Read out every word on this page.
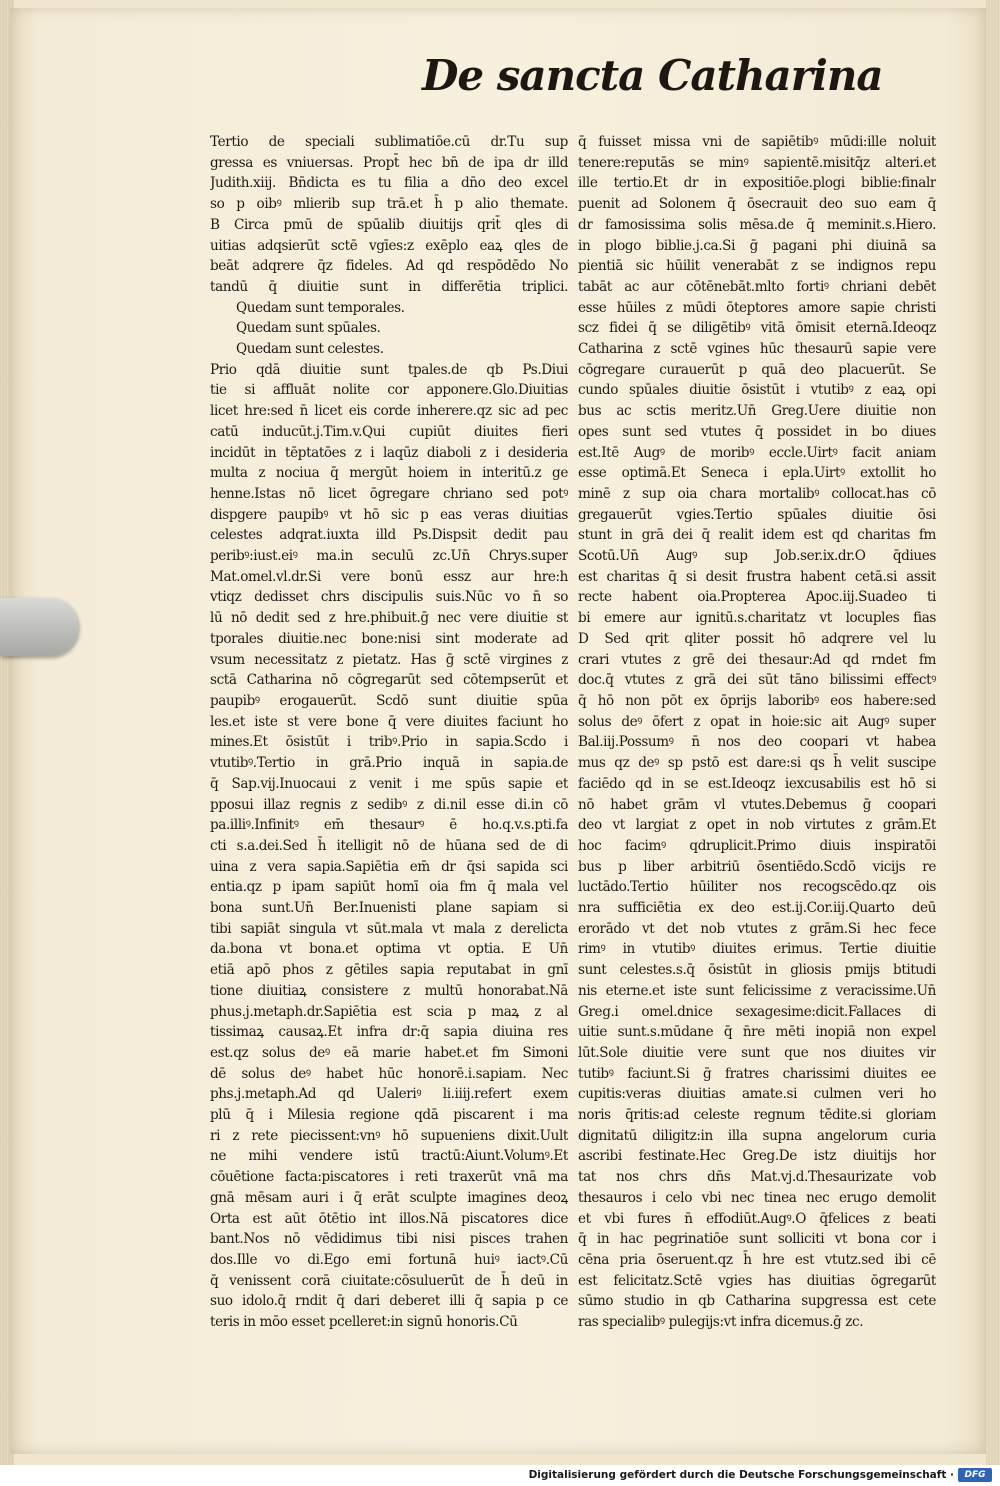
De sancta Catharina
Tertio de speciali sublimatiōe.cū dr.Tu sup
gressa es vniuersas. Propt̄ hec bn̄ de ipa dr illd
Judith.xiij. Bn̄dicta es tu filia a dn̄o deo excel
so p oibꝰ mlierib sup trā.et h̄ p alio themate.
B Circa pmū de spūalib diuitijs qrit̄ qles di
uitias adqsierūt sctē vgīes:z exēplo eaꝝ qles de
beāt adqrere q̄z fideles. Ad qd respōdēdo No
tandū q̄ diuitie sunt in differētia triplici.
Quedam sunt temporales.
Quedam sunt spūales.
Quedam sunt celestes.
Prio qdā diuitie sunt tpales.de qb Ps.Diui
tie si affluāt nolite cor apponere.Glo.Diuitias
licet hre:sed n̄ licet eis corde inherere.qz sic ad pec
catū inducūt.j.Tim.v.Qui cupiūt diuites fieri
incidūt in tēptatōes z i laqūz diaboli z i desideria
multa z nociua q̄ mergūt hoiem in interitū.z ge
henne.Istas nō licet ōgregare chriano sed potꝰ
dispgere paupibꝰ vt hō sic p eas veras diuitias
celestes adqrat.iuxta illd Ps.Dispsit dedit pau
peribꝰ:iust.eiꝰ ma.in seculū zc.Un̄ Chrys.super
Mat.omel.vl.dr.Si vere bonū essz aur hre:h
vtiqz dedisset chrs discipulis suis.Nūc vo n̄ so
lū nō dedit sed z hre.phibuit.ḡ nec vere diuitie st
tporales diuitie.nec bone:nisi sint moderate ad
vsum necessitatz z pietatz. Has ḡ sctē virgines z
sctā Catharina nō cōgregarūt sed cōtempserūt et
paupibꝰ erogauerūt. Scdō sunt diuitie spūa
les.et iste st vere bone q̄ vere diuites faciunt ho
mines.Et ōsistūt i tribꝰ.Prio in sapia.Scdo i
vtutibꝰ.Tertio in grā.Prio inquā in sapia.de
q̄ Sap.vij.Inuocaui z venit i me spūs sapie et
pposui illaz regnis z sedibꝰ z di.nil esse di.in cō
pa.illiꝰ.Infinitꝰ em̄ thesaurꝰ ē ho.q.v.s.pti.fa
cti s.a.dei.Sed h̄ itelligit nō de hūana sed de di
uina z vera sapia.Sapiētia em̄ dr q̄si sapida sci
entia.qz p ipam sapiūt homī oia fm q̄ mala vel
bona sunt.Un̄ Ber.Inuenisti plane sapiam si
tibi sapiāt singula vt sūt.mala vt mala z derelicta
da.bona vt bona.et optima vt optia. E Un̄
etiā apō phos z gētiles sapia reputabat in gnī
tione diuitiaꝝ consistere z multū honorabat.Nā
phus.j.metaph.dr.Sapiētia est scia p maꝝ z al
tissimaꝝ causaꝝ.Et infra dr:q̄ sapia diuina res
est.qz solus deꝰ eā marie habet.et fm Simoni
dē solus deꝰ habet hūc honorē.i.sapiam. Nec
phs.j.metaph.Ad qd Ualeriꝰ li.iiij.refert exem
plū q̄ i Milesia regione qdā piscarent i ma
ri z rete piecissent:vnꝰ hō supueniens dixit.Uult
ne mihi vendere istū tractū:Aiunt.Volumꝰ.Et
cōuētione facta:piscatores i reti traxerūt vnā ma
gnā mēsam auri i q̄ erāt sculpte imagines deoꝝ
Orta est aūt ōtētio int illos.Nā piscatores dice
bant.Nos nō vēdidimus tibi nisi pisces trahen
dos.Ille vo di.Ego emi fortunā huiꝰ iactꝰ.Cū
q̄ venissent corā ciuitate:cōsuluerūt de h̄ deū in
suo idolo.q̄ rndit q̄ dari deberet illi q̄ sapia p ce
teris in mōo esset pcelleret:in signū honoris.Cū
q̄ fuisset missa vni de sapiētibꝰ mūdi:ille noluit
tenere:reputās se minꝰ sapientē.misitq̄z alteri.et
ille tertio.Et dr in expositiōe.plogi biblie:finalr
puenit ad Solonem q̄ ōsecrauit deo suo eam q̄
dr famosissima solis mēsa.de q̄ meminit.s.Hiero.
in plogo biblie.j.ca.Si ḡ pagani phi diuinā sa
pientiā sic hūilit venerabāt z se indignos repu
tabāt ac aur cōtēnebāt.mlto fortiꝰ chriani debēt
esse hūiles z mūdi ōteptores amore sapie christi
scz fidei q̄ se diligētibꝰ vitā ōmisit eternā.Ideoqz
Catharina z sctē vgines hūc thesaurū sapie vere
cōgregare curauerūt p quā deo placuerūt. Se
cundo spūales diuitie ōsistūt i vtutibꝰ z eaꝝ opi
bus ac sctis meritz.Un̄ Greg.Uere diuitie non
opes sunt sed vtutes q̄ possidet in bo diues
est.Itē Augꝰ de moribꝰ eccle.Uirtꝰ facit aniam
esse optimā.Et Seneca i epla.Uirtꝰ extollit ho
minē z sup oia chara mortalibꝰ collocat.has cō
gregauerūt vgies.Tertio spūales diuitie ōsi
stunt in grā dei q̄ realit idem est qd charitas fm
Scotū.Un̄ Augꝰ sup Job.ser.ix.dr.O q̄diues
est charitas q̄ si desit frustra habent cetā.si assit
recte habent oia.Propterea Apoc.iij.Suadeo ti
bi emere aur ignitū.s.charitatz vt locuples fias
D Sed qrit qliter possit hō adqrere vel lu
crari vtutes z grē dei thesaur:Ad qd rndet fm
doc.q̄ vtutes z grā dei sūt tāno bilissimi effectꝰ
q̄ hō non pōt ex ōprijs laboribꝰ eos habere:sed
solus deꝰ ōfert z opat in hoie:sic ait Augꝰ super
Bal.iij.Possumꝰ n̄ nos deo coopari vt habea
mus qz deꝰ sp pstō est dare:si qs h̄ velit suscipe
faciēdo qd in se est.Ideoqz iexcusabilis est hō si
nō habet grām vl vtutes.Debemus ḡ coopari
deo vt largiat z opet in nob virtutes z grām.Et
hoc facimꝰ qdruplicit.Primo diuis inspiratōi
bus p liber arbitriū ōsentiēdo.Scdō vicijs re
luctādo.Tertio hūiliter nos recogscēdo.qz ois
nra sufficiētia ex deo est.ij.Cor.iij.Quarto deū
erorādo vt det nob vtutes z grām.Si hec fece
rimꝰ in vtutibꝰ diuites erimus. Tertie diuitie
sunt celestes.s.q̄ ōsistūt in gliosis pmijs btitudi
nis eterne.et iste sunt felicissime z veracissime.Un̄
Greg.i omel.dnice sexagesime:dicit.Fallaces di
uitie sunt.s.mūdane q̄ n̄re mēti inopiā non expel
lūt.Sole diuitie vere sunt que nos diuites vir
tutibꝰ faciunt.Si ḡ fratres charissimi diuites ee
cupitis:veras diuitias amate.si culmen veri ho
noris q̄ritis:ad celeste regnum tēdite.si gloriam
dignitatū diligitz:in illa supna angelorum curia
ascribi festinate.Hec Greg.De istz diuitijs hor
tat nos chrs dn̄s Mat.vj.d.Thesaurizate vob
thesauros i celo vbi nec tinea nec erugo demolit
et vbi fures n̄ effodiūt.Augꝰ.O q̄felices z beati
q̄ in hac pegrinatiōe sunt solliciti vt bona cor i
cēna pria ōseruent.qz h̄ hre est vtutz.sed ibi cē
est felicitatz.Sctē vgies has diuitias ōgregarūt
sūmo studio in qb Catharina supgressa est cete
ras specialibꝰ pulegijs:vt infra dicemus.ḡ zc.
Digitalisierung gefördert durch die Deutsche Forschungsgemeinschaft ·	DFG
